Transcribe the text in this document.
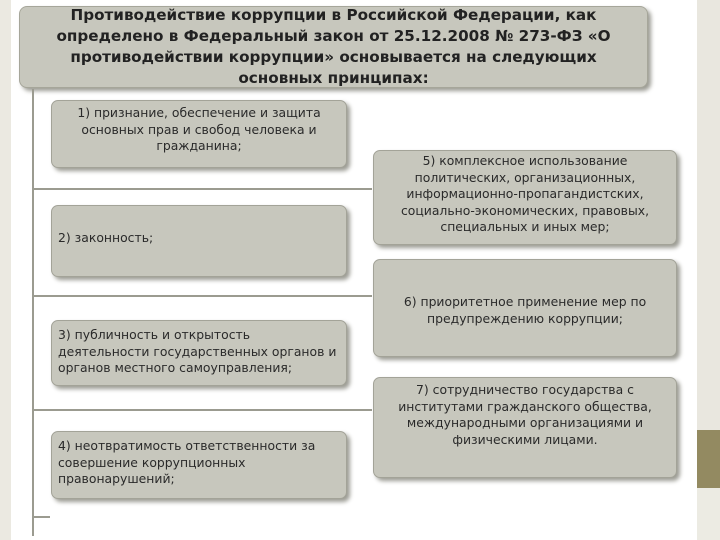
Противодействие коррупции в Российской Федерации, как определено в Федеральный закон от 25.12.2008 № 273-ФЗ «О противодействии коррупции» основывается на следующих основных принципах:
1) признание, обеспечение и защита основных прав и свобод человека и гражданина;
2) законность;
3) публичность и открытость деятельности государственных органов и органов местного самоуправления;
4) неотвратимость ответственности за совершение коррупционных правонарушений;
5) комплексное использование политических, организационных, информационно-пропагандистских, социально-экономических, правовых, специальных и иных мер;
6) приоритетное применение мер по предупреждению коррупции;
7) сотрудничество государства с институтами гражданского общества, международными организациями и физическими лицами.
